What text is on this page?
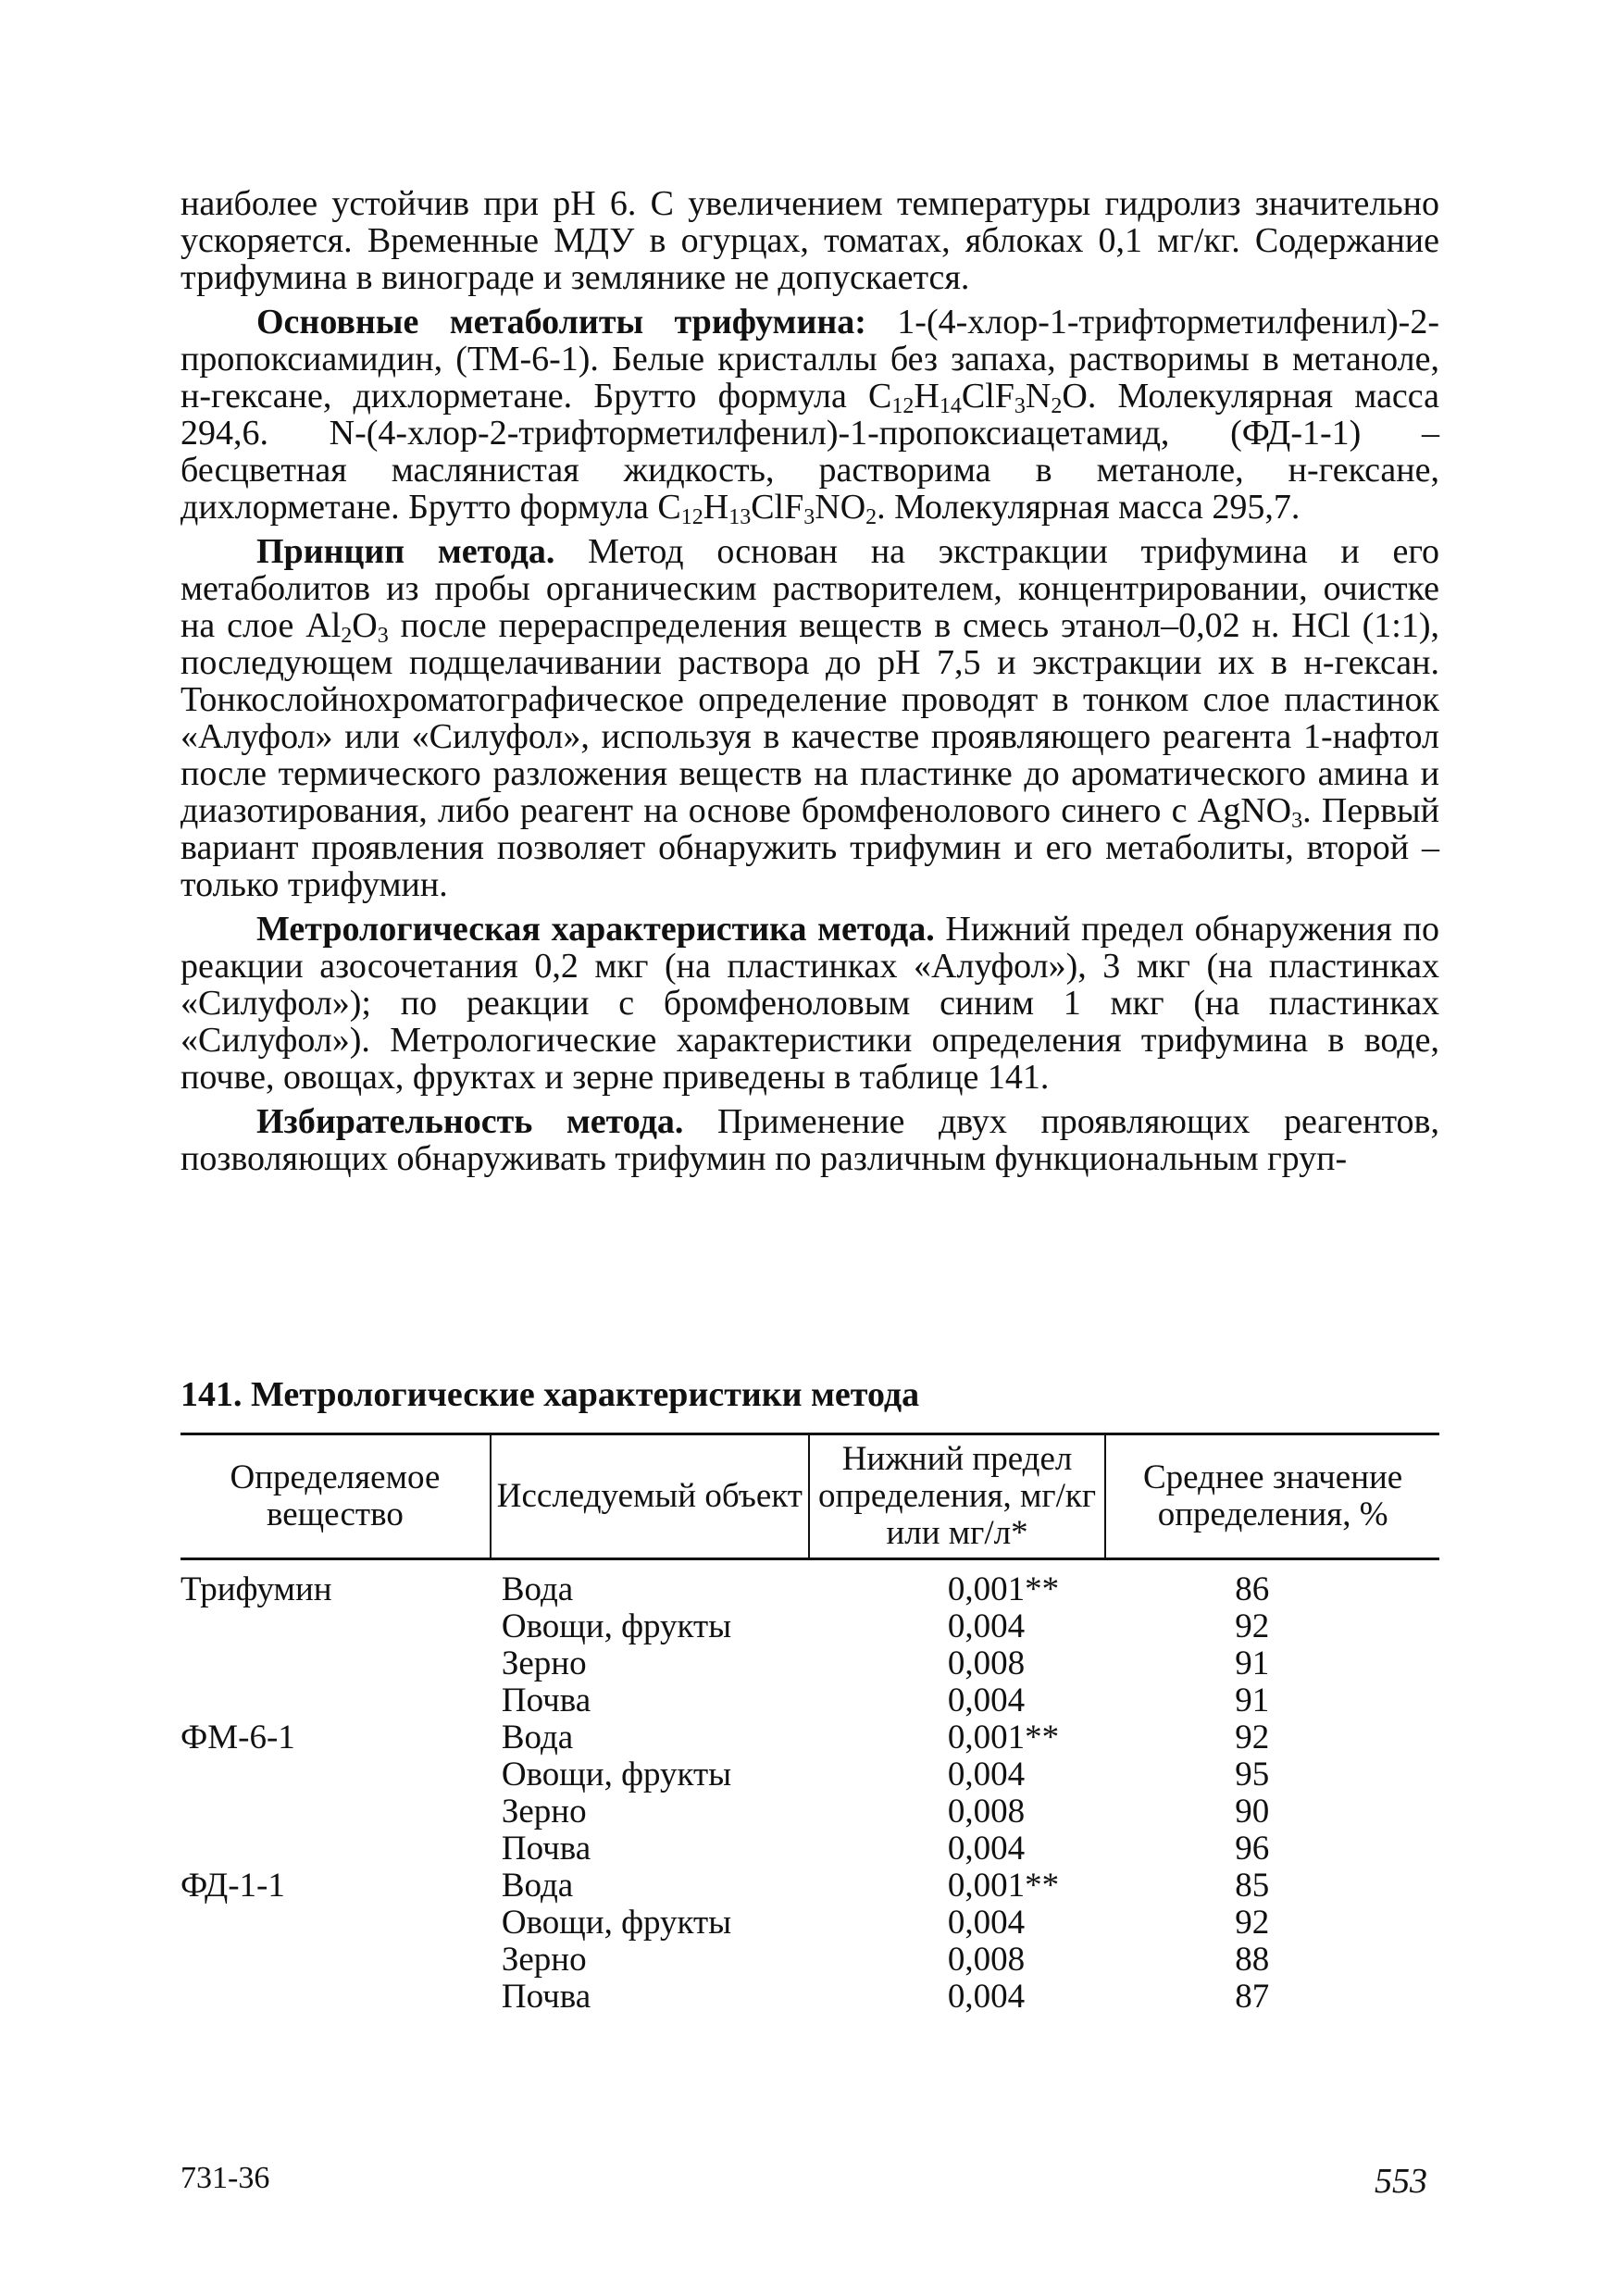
наиболее устойчив при рН 6. С увеличением температуры гидролиз значительно ускоряется. Временные МДУ в огурцах, томатах, яблоках 0,1 мг/кг. Содержание трифумина в винограде и землянике не допускается.

Основные метаболиты трифумина: 1-(4-хлор-1-трифторметилфенил)-2-пропоксиамидин, (ТМ-6-1). Белые кристаллы без запаха, растворимы в метаноле, н-гексане, дихлорметане. Брутто формула $C_{12}H_{14}ClF_3N_2O$. Молекулярная масса 294,6. N-(4-хлор-2-трифторметилфенил)-1-пропоксиацетамид, (ФД-1-1) – бесцветная маслянистая жидкость, растворима в метаноле, н-гексане, дихлорметане. Брутто формула $C_{12}H_{13}ClF_3NO_2$. Молекулярная масса 295,7.

Принцип метода. Метод основан на экстракции трифумина и его метаболитов из пробы органическим растворителем, концентрировании, очистке на слое $Al_2O_3$ после перераспределения веществ в смесь этанол–0,02 н. HCl (1:1), последующем подщелачивании раствора до рН 7,5 и экстракции их в н-гексан. Тонкослойнохроматографическое определение проводят в тонком слое пластинок «Алуфол» или «Силуфол», используя в качестве проявляющего реагента 1-нафтол после термического разложения веществ на пластинке до ароматического амина и диазотирования, либо реагент на основе бромфенолового синего с AgNO$_3$. Первый вариант проявления позволяет обнаружить трифумин и его метаболиты, второй – только трифумин.

Метрологическая характеристика метода. Нижний предел обнаружения по реакции азосочетания 0,2 мкг (на пластинках «Алуфол»), 3 мкг (на пластинках «Силуфол»); по реакции с бромфеноловым синим 1 мкг (на пластинках «Силуфол»). Метрологические характеристики определения трифумина в воде, почве, овощах, фруктах и зерне приведены в таблице 141.

Избирательность метода. Применение двух проявляющих реагентов, позволяющих обнаруживать трифумин по различным функциональным груп-

141. Метрологические характеристики метода
Определяемое вещество	Исследуемый объект	Нижний предел определения, мг/кг или мг/л*	Среднее значение определения, %
Трифумин	Вода	0,001**	86
	Овощи, фрукты	0,004	92
	Зерно	0,008	91
	Почва	0,004	91
ФМ-6-1	Вода	0,001**	92
	Овощи, фрукты	0,004	95
	Зерно	0,008	90
	Почва	0,004	96
ФД-1-1	Вода	0,001**	85
	Овощи, фрукты	0,004	92
	Зерно	0,008	88
	Почва	0,004	87
731-36	553
